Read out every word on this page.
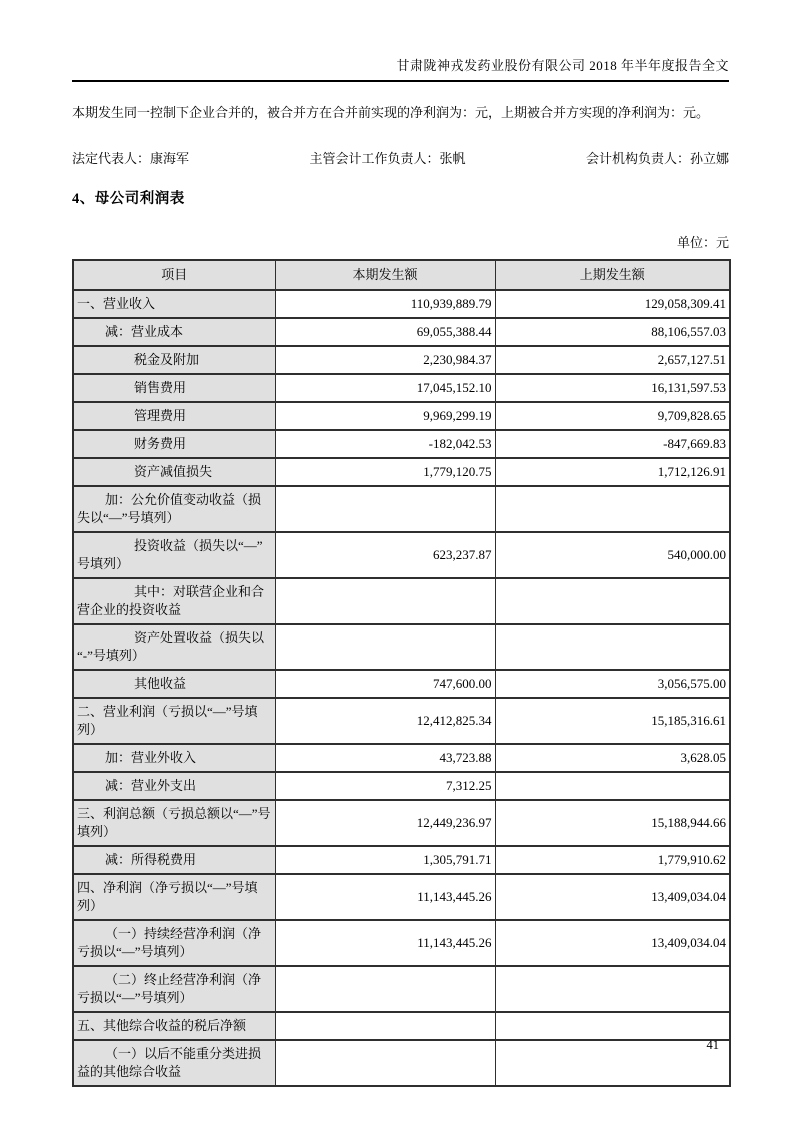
甘肃陇神戎发药业股份有限公司 2018 年半年度报告全文

本期发生同一控制下企业合并的，被合并方在合并前实现的净利润为：元，上期被合并方实现的净利润为：元。

法定代表人：康海军	主管会计工作负责人：张帆	会计机构负责人：孙立娜
4、母公司利润表
单位：元
项目	本期发生额	上期发生额
一、营业收入	110,939,889.79	129,058,309.41
减：营业成本	69,055,388.44	88,106,557.03
税金及附加	2,230,984.37	2,657,127.51
销售费用	17,045,152.10	16,131,597.53
管理费用	9,969,299.19	9,709,828.65
财务费用	-182,042.53	-847,669.83
资产减值损失	1,779,120.75	1,712,126.91
加：公允价值变动收益（损失以“—”号填列）		
投资收益（损失以“—”号填列）	623,237.87	540,000.00
其中：对联营企业和合营企业的投资收益		
资产处置收益（损失以“-”号填列）		
其他收益	747,600.00	3,056,575.00
二、营业利润（亏损以“—”号填列）	12,412,825.34	15,185,316.61
加：营业外收入	43,723.88	3,628.05
减：营业外支出	7,312.25	
三、利润总额（亏损总额以“—”号填列）	12,449,236.97	15,188,944.66
减：所得税费用	1,305,791.71	1,779,910.62
四、净利润（净亏损以“—”号填列）	11,143,445.26	13,409,034.04
（一）持续经营净利润（净亏损以“—”号填列）	11,143,445.26	13,409,034.04
（二）终止经营净利润（净亏损以“—”号填列）		
五、其他综合收益的税后净额		
（一）以后不能重分类进损益的其他综合收益		
41
